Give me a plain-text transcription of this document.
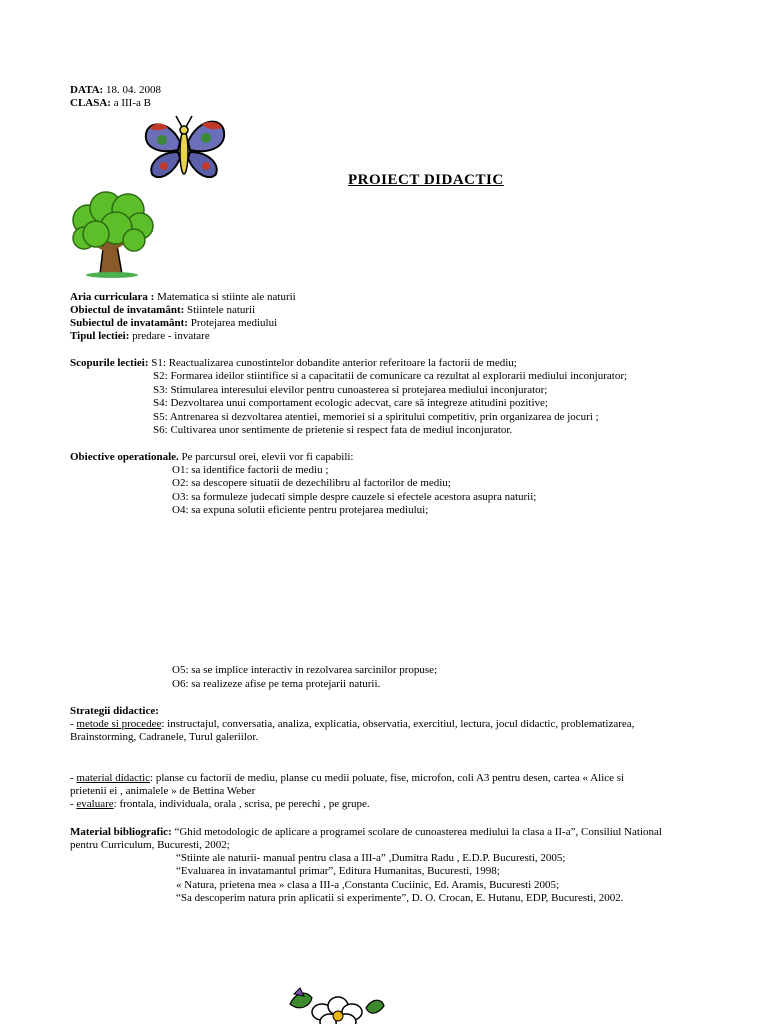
DATA: 18. 04. 2008
CLASA: a III-a B
PROIECT DIDACTIC
Aria curriculara : Matematica si stiinte ale naturii
Obiectul de invatamânt: Stiintele naturii
Subiectul de invatamânt: Protejarea mediului
Tipul lectiei: predare - invatare
Scopurile lectiei: S1: Reactualizarea cunostintelor dobandite anterior referitoare la factorii de mediu;
S2: Formarea ideilor stiintifice si a capacitatii de comunicare ca rezultat al explorarii mediului inconjurator;
S3: Stimularea interesului elevilor pentru cunoasterea si protejarea mediului inconjurator;
S4: Dezvoltarea unui comportament ecologic adecvat, care să integreze atitudini pozitive;
S5: Antrenarea si dezvoltarea atentiei, memoriei si a spiritului competitiv, prin organizarea de jocuri ;
S6: Cultivarea unor sentimente de prietenie si respect fata de mediul inconjurator.
Obiective operationale. Pe parcursul orei, elevii vor fi capabili:
O1: sa identifice factorii de mediu ;
O2: sa descopere situatii de dezechilibru al factorilor de mediu;
O3: sa formuleze judecati simple despre cauzele si efectele acestora asupra naturii;
O4: sa expuna solutii eficiente pentru protejarea mediului;
O5: sa se implice interactiv in rezolvarea sarcinilor propuse;
O6: sa realizeze afise pe tema protejarii naturii.
Strategii didactice:
- metode si procedee: instructajul, conversatia, analiza, explicatia, observatia, exercitiul, lectura, jocul didactic, problematizarea,
Brainstorming, Cadranele, Turul galeriilor.
- material didactic: planse cu factorii de mediu, planse cu medii poluate, fise, microfon, coli A3 pentru desen, cartea « Alice si
prietenii ei , animalele » de Bettina Weber
- evaluare: frontala, individuala, orala , scrisa, pe perechi , pe grupe.
Material bibliografic: “Ghid metodologic de aplicare a programei scolare de cunoasterea mediului la clasa a II-a”, Consiliul National
pentru Curriculum, Bucuresti, 2002;
“Stiinte ale naturii- manual pentru clasa a III-a” ,Dumitra Radu , E.D.P. Bucuresti, 2005;
“Evaluarea in invatamantul primar”, Editura Humanitas, Bucuresti, 1998;
« Natura, prietena mea » clasa a III-a ,Constanta Cuciinic, Ed. Aramis, Bucuresti 2005;
“Sa descoperim natura prin aplicatii si experimente”, D. O. Crocan, E. Hutanu, EDP, Bucuresti, 2002.
